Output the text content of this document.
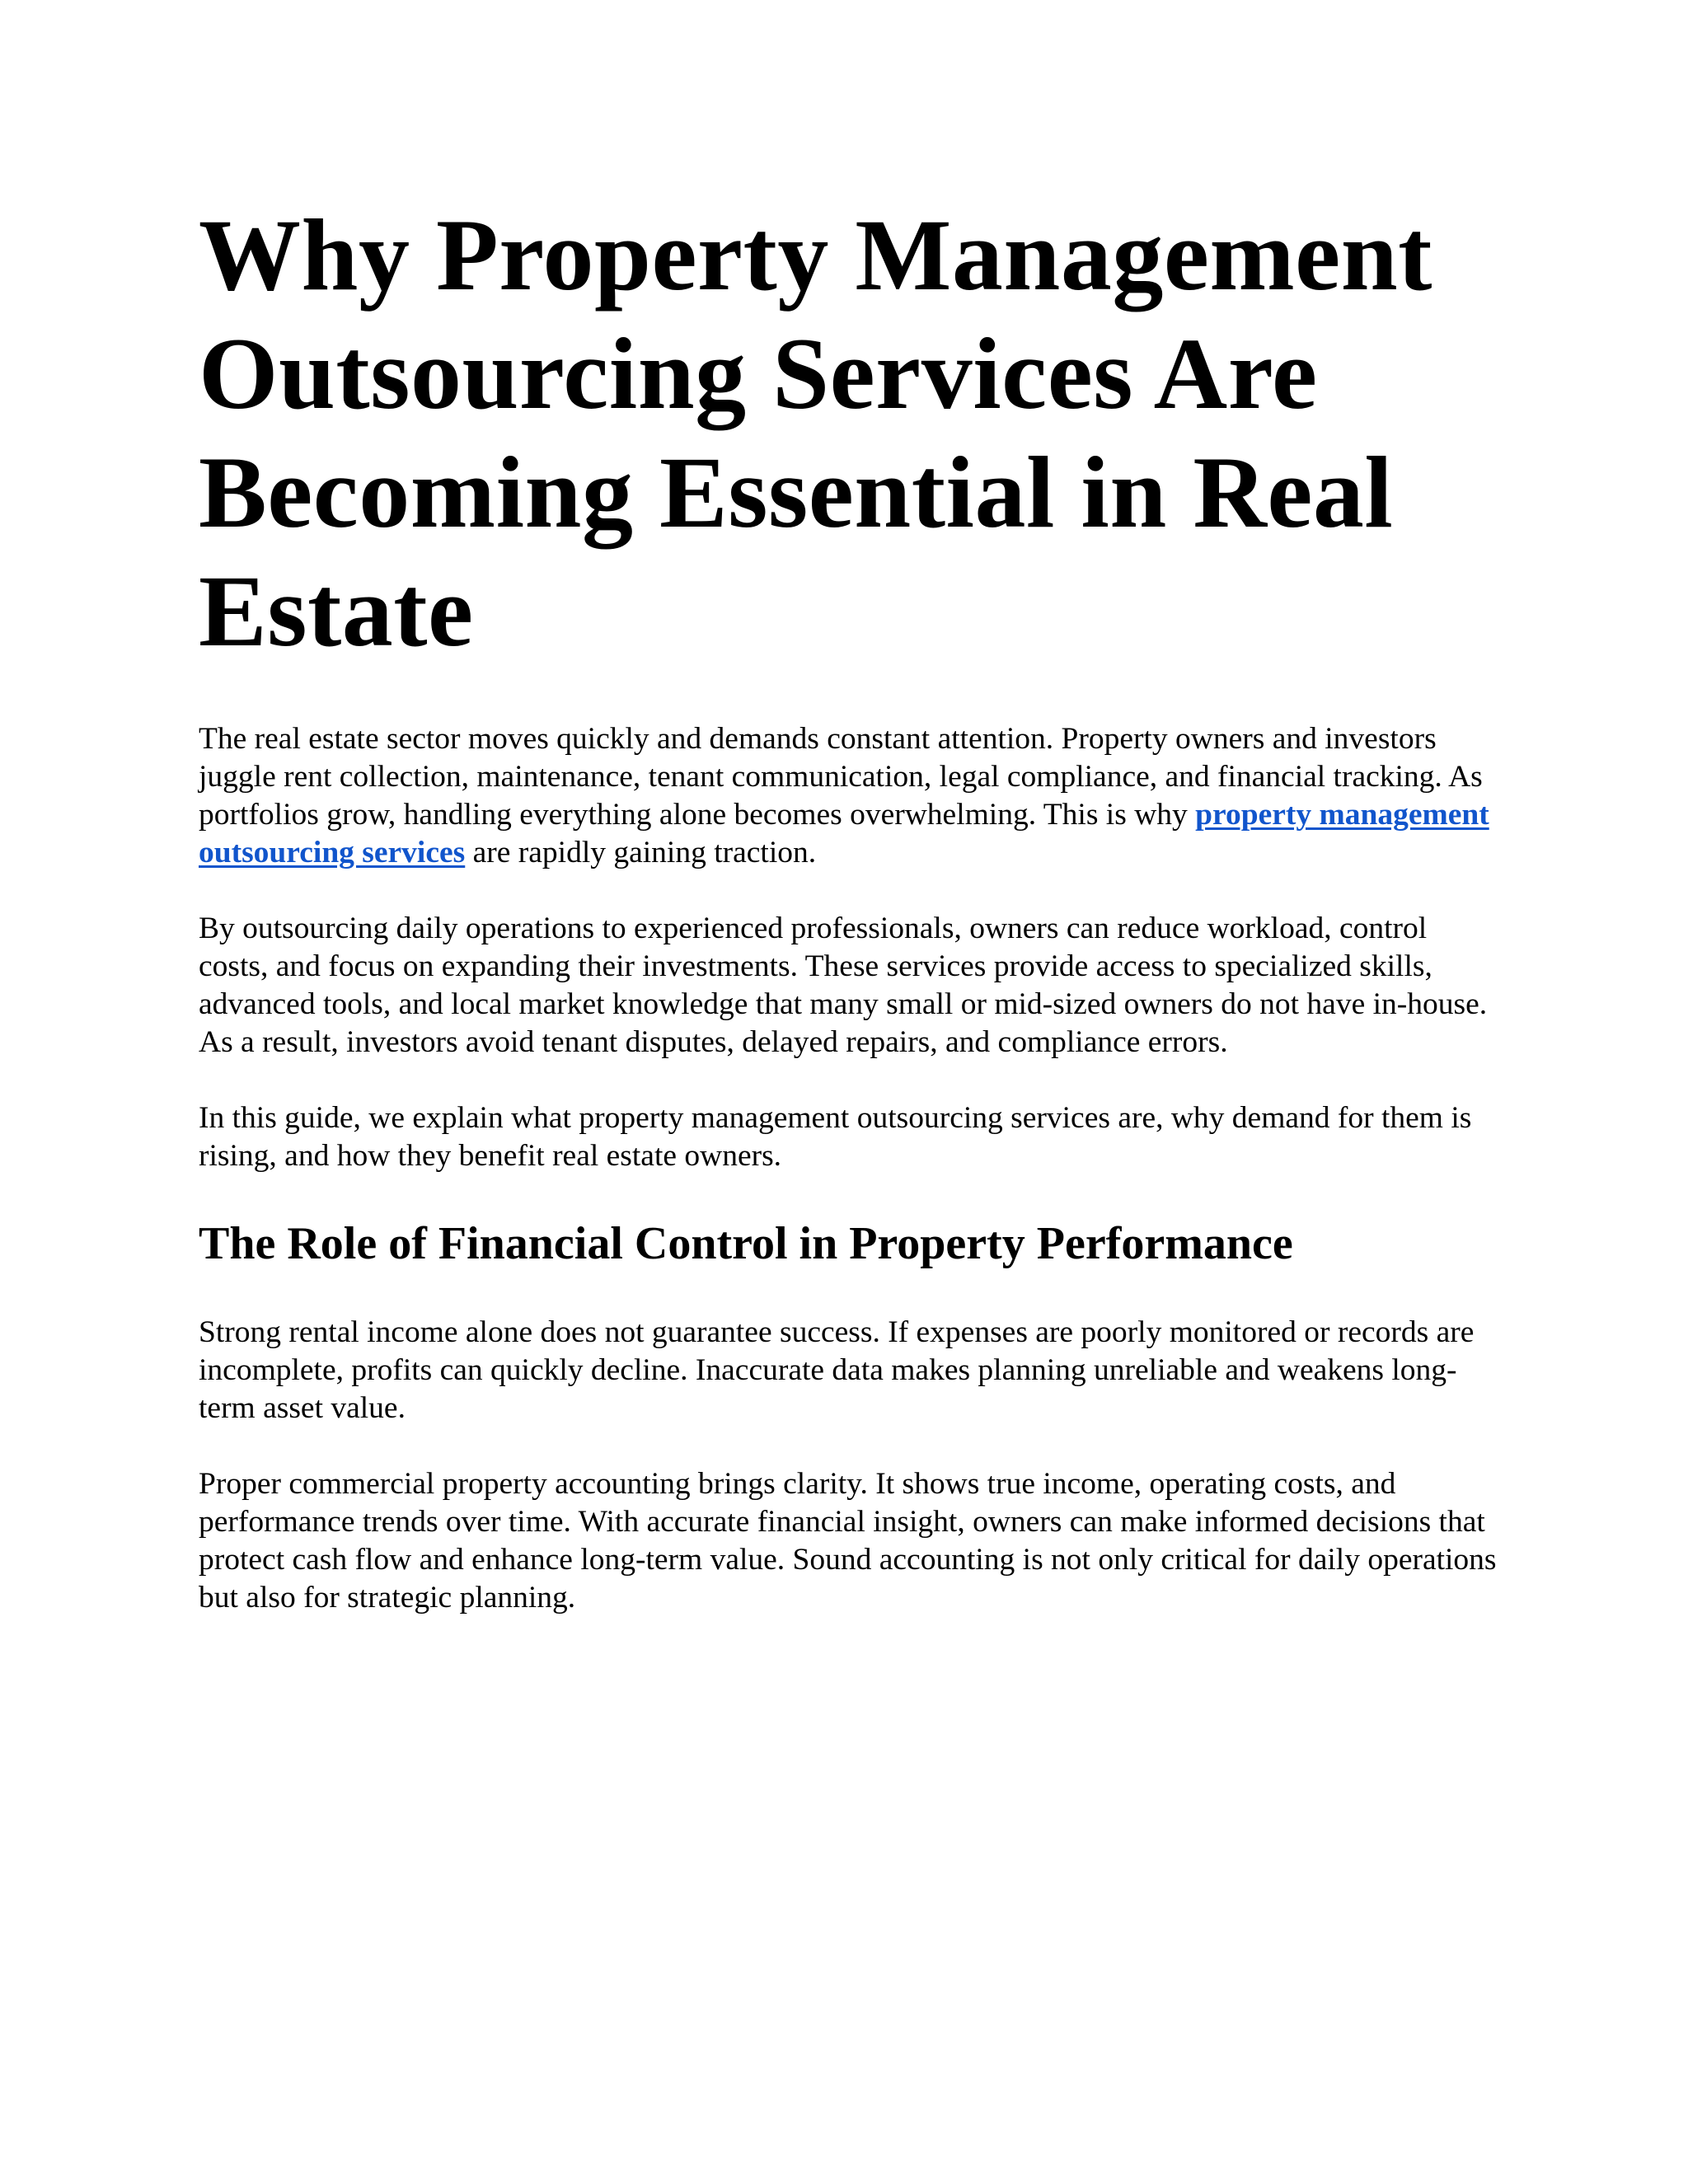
Why Property Management Outsourcing Services Are Becoming Essential in Real Estate

The real estate sector moves quickly and demands constant attention. Property owners and investors juggle rent collection, maintenance, tenant communication, legal compliance, and financial tracking. As portfolios grow, handling everything alone becomes overwhelming. This is why property management outsourcing services are rapidly gaining traction.

By outsourcing daily operations to experienced professionals, owners can reduce workload, control costs, and focus on expanding their investments. These services provide access to specialized skills, advanced tools, and local market knowledge that many small or mid-sized owners do not have in-house. As a result, investors avoid tenant disputes, delayed repairs, and compliance errors.

In this guide, we explain what property management outsourcing services are, why demand for them is rising, and how they benefit real estate owners.

The Role of Financial Control in Property Performance

Strong rental income alone does not guarantee success. If expenses are poorly monitored or records are incomplete, profits can quickly decline. Inaccurate data makes planning unreliable and weakens long-term asset value.

Proper commercial property accounting brings clarity. It shows true income, operating costs, and performance trends over time. With accurate financial insight, owners can make informed decisions that protect cash flow and enhance long-term value. Sound accounting is not only critical for daily operations but also for strategic planning.
